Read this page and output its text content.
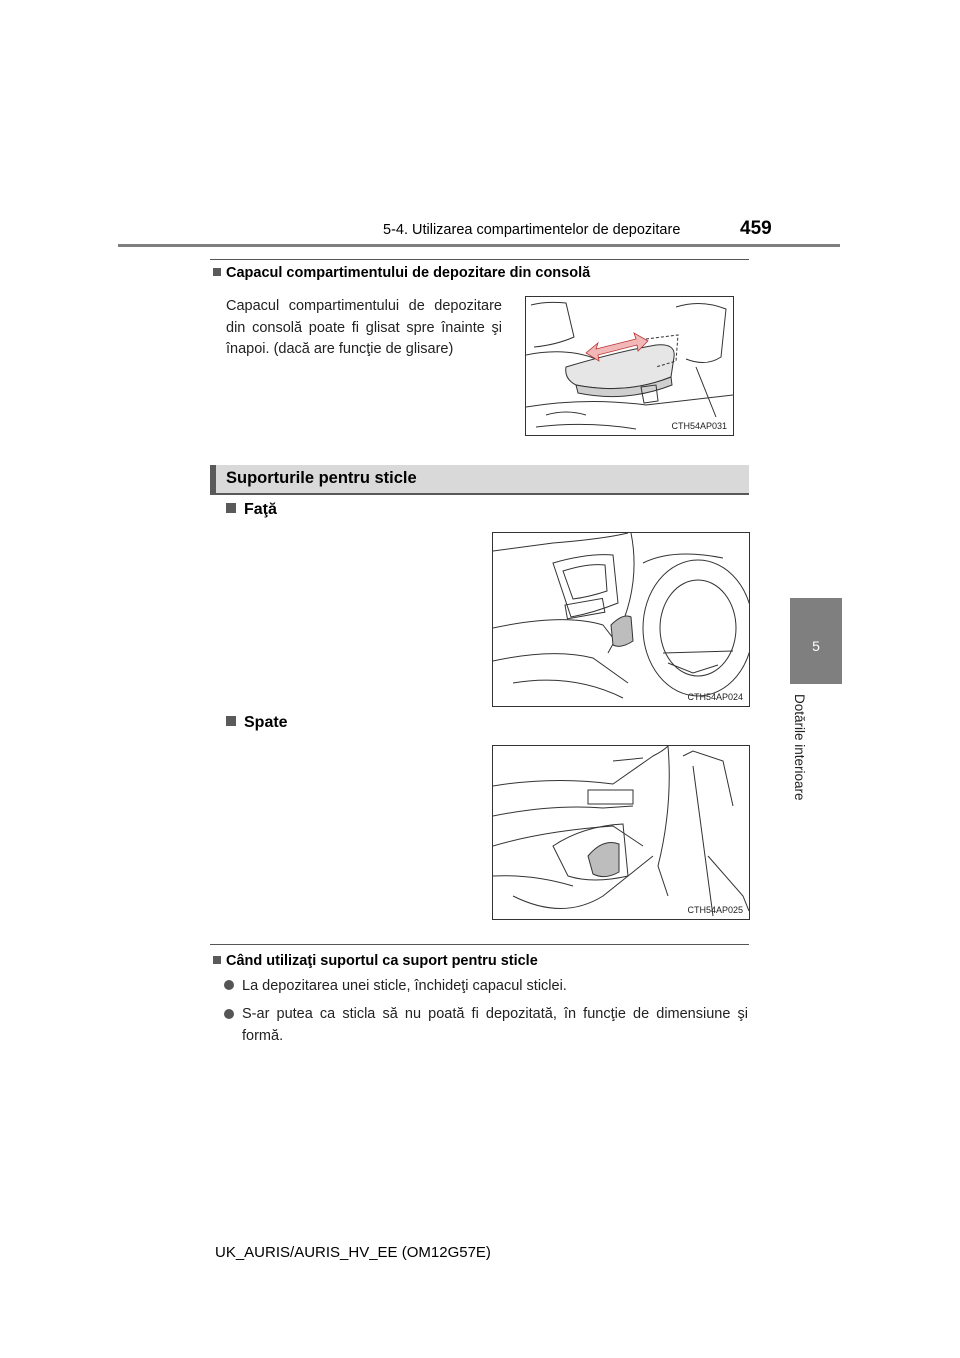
5-4. Utilizarea compartimentelor de depozitare	459
5
Dotările interioare
Capacul compartimentului de depozitare din consolă
Capacul compartimentului de depozitare din consolă poate fi glisat spre înainte şi înapoi. (dacă are funcţie de glisare)
CTH54AP031
Suporturile pentru sticle
Faţă
CTH54AP024
Spate
CTH54AP025
Când utilizaţi suportul ca suport pentru sticle
La depozitarea unei sticle, închideţi capacul sticlei.
S-ar putea ca sticla să nu poată fi depozitată, în funcţie de dimensiune şi formă.
UK_AURIS/AURIS_HV_EE (OM12G57E)
